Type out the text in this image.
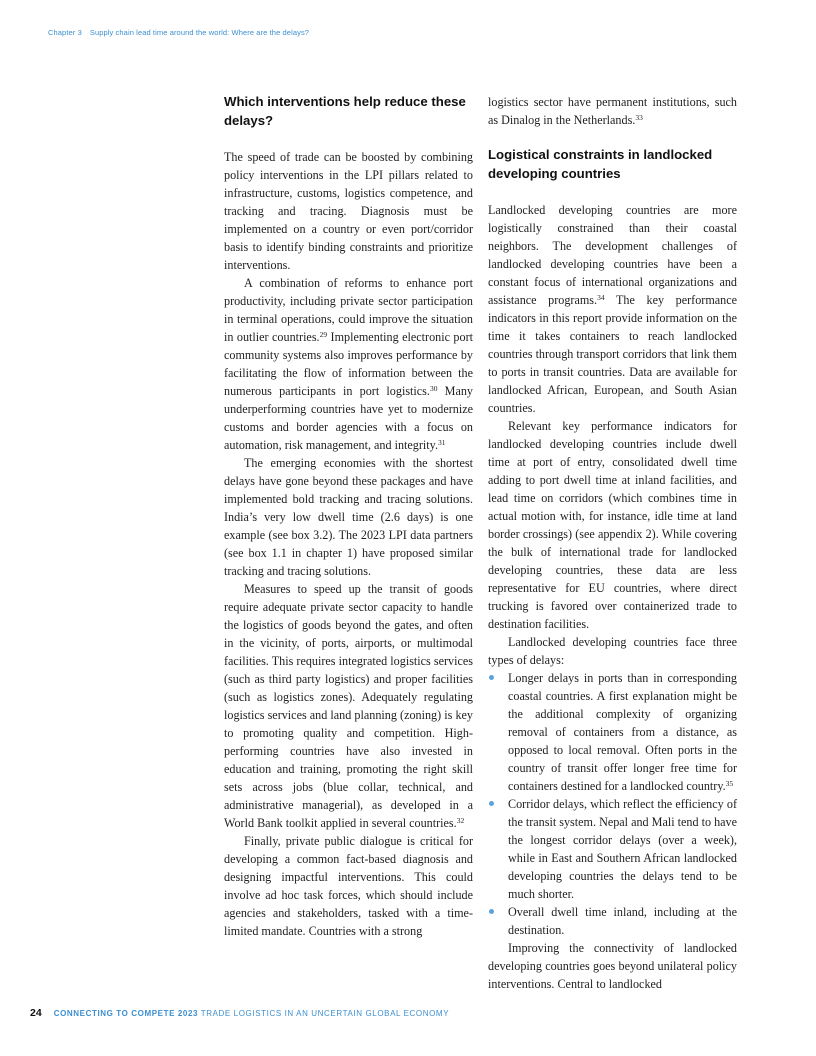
Chapter 3 Supply chain lead time around the world: Where are the delays?
Which interventions help reduce these delays?

The speed of trade can be boosted by combining policy interventions in the LPI pillars related to infrastructure, customs, logistics competence, and tracking and tracing. Diagnosis must be implemented on a country or even port/corridor basis to identify binding constraints and prioritize interventions.

A combination of reforms to enhance port productivity, including private sector participation in terminal operations, could improve the situation in outlier countries.$^{29}$ Implementing electronic port community systems also improves performance by facilitating the flow of information between the numerous participants in port logistics.$^{30}$ Many underperforming countries have yet to modernize customs and border agencies with a focus on automation, risk management, and integrity.$^{31}$

The emerging economies with the shortest delays have gone beyond these packages and have implemented bold tracking and tracing solutions. India’s very low dwell time (2.6 days) is one example (see box 3.2). The 2023 LPI data partners (see box 1.1 in chapter 1) have proposed similar tracking and tracing solutions.

Measures to speed up the transit of goods require adequate private sector capacity to handle the logistics of goods beyond the gates, and often in the vicinity, of ports, airports, or multimodal facilities. This requires integrated logistics services (such as third party logistics) and proper facilities (such as logistics zones). Adequately regulating logistics services and land planning (zoning) is key to promoting quality and competition. High-performing countries have also invested in education and training, promoting the right skill sets across jobs (blue collar, technical, and administrative managerial), as developed in a World Bank toolkit applied in several countries.$^{32}$

Finally, private public dialogue is critical for developing a common fact-based diagnosis and designing impactful interventions. This could involve ad hoc task forces, which should include agencies and stakeholders, tasked with a time-limited mandate. Countries with a strong

logistics sector have permanent institutions, such as Dinalog in the Netherlands.$^{33}$

Logistical constraints in landlocked developing countries

Landlocked developing countries are more logistically constrained than their coastal neighbors. The development challenges of landlocked developing countries have been a constant focus of international organizations and assistance programs.$^{34}$ The key performance indicators in this report provide information on the time it takes containers to reach landlocked countries through transport corridors that link them to ports in transit countries. Data are available for landlocked African, European, and South Asian countries.

Relevant key performance indicators for landlocked developing countries include dwell time at port of entry, consolidated dwell time adding to port dwell time at inland facilities, and lead time on corridors (which combines time in actual motion with, for instance, idle time at land border crossings) (see appendix 2). While covering the bulk of international trade for landlocked developing countries, these data are less representative for EU countries, where direct trucking is favored over containerized trade to destination facilities.

Landlocked developing countries face three types of delays:

Longer delays in ports than in corresponding coastal countries. A first explanation might be the additional complexity of organizing removal of containers from a distance, as opposed to local removal. Often ports in the country of transit offer longer free time for containers destined for a landlocked country.$^{35}$
Corridor delays, which reflect the efficiency of the transit system. Nepal and Mali tend to have the longest corridor delays (over a week), while in East and Southern African landlocked developing countries the delays tend to be much shorter.
Overall dwell time inland, including at the destination.

Improving the connectivity of landlocked developing countries goes beyond unilateral policy interventions. Central to landlocked

24 CONNECTING TO COMPETE 2023 TRADE LOGISTICS IN AN UNCERTAIN GLOBAL ECONOMY
